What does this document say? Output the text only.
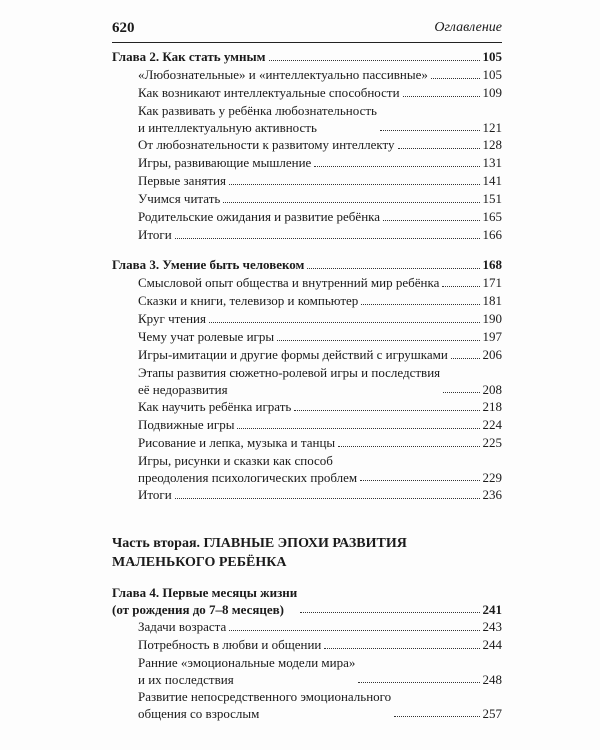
620	Оглавление
Глава 2. Как стать умным	105
«Любознательные» и «интеллектуально пассивные»	105
Как возникают интеллектуальные способности	109
Как развивать у ребёнка любознательность
и интеллектуальную активность	121
От любознательности к развитому интеллекту	128
Игры, развивающие мышление	131
Первые занятия	141
Учимся читать	151
Родительские ожидания и развитие ребёнка	165
Итоги	166
Глава 3. Умение быть человеком	168
Смысловой опыт общества и внутренний мир ребёнка	171
Сказки и книги, телевизор и компьютер	181
Круг чтения	190
Чему учат ролевые игры	197
Игры-имитации и другие формы действий с игрушками	206
Этапы развития сюжетно-ролевой игры и последствия
её недоразвития	208
Как научить ребёнка играть	218
Подвижные игры	224
Рисование и лепка, музыка и танцы	225
Игры, рисунки и сказки как способ
преодоления психологических проблем	229
Итоги	236
Часть вторая. ГЛАВНЫЕ ЭПОХИ РАЗВИТИЯ
МАЛЕНЬКОГО РЕБЁНКА
Глава 4. Первые месяцы жизни
(от рождения до 7–8 месяцев)	241
Задачи возраста	243
Потребность в любви и общении	244
Ранние «эмоциональные модели мира»
и их последствия	248
Развитие непосредственного эмоционального
общения со взрослым	257
